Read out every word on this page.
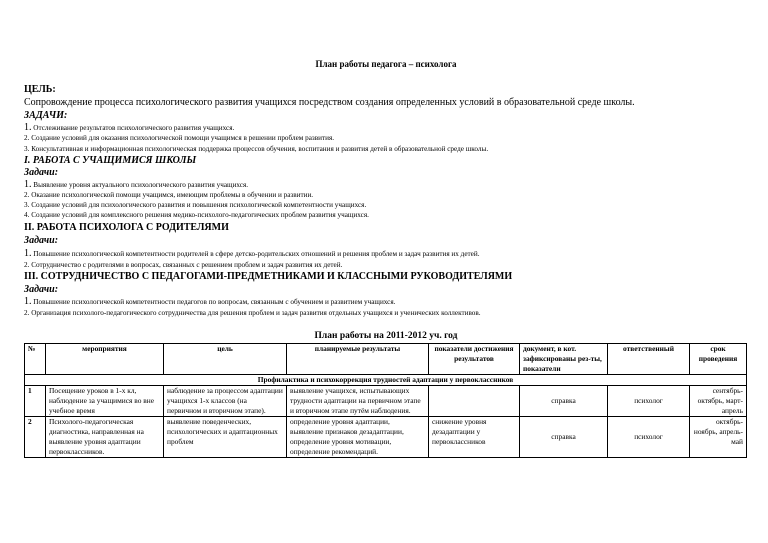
План работы педагога – психолога
ЦЕЛЬ:
Сопровождение процесса психологического развития учащихся посредством создания определенных условий в образовательной среде школы.
ЗАДАЧИ:
1. Отслеживание результатов психологического развития учащихся.
2. Создание условий для оказания психологической помощи учащимся в решении проблем развития.
3. Консультативная и информационная психологическая поддержка процессов обучения, воспитания и развития детей в образовательной среде школы.
I. РАБОТА С УЧАЩИМИСЯ ШКОЛЫ
Задачи:
1. Выявление уровня актуального психологического развития учащихся.
2. Оказание психологической помощи учащимся, имеющим проблемы в обучении и развитии.
3. Создание условий для психологического развития и повышения психологической компетентности учащихся.
4. Создание условий для комплексного решения медико-психолого-педагогических проблем развития учащихся.
II. РАБОТА ПСИХОЛОГА С РОДИТЕЛЯМИ
Задачи:
1. Повышение психологической компетентности родителей в сфере детско-родительских отношений и решения проблем и задач развития их детей.
2. Сотрудничество с родителями в вопросах, связанных с решением проблем и задач развития их детей.
III. СОТРУДНИЧЕСТВО С ПЕДАГОГАМИ-ПРЕДМЕТНИКАМИ И КЛАССНЫМИ РУКОВОДИТЕЛЯМИ
Задачи:
1. Повышение психологической компетентности педагогов по вопросам, связанным с обучением и развитием учащихся.
2. Организация психолого-педагогического сотрудничества для решения проблем и задач развития отдельных учащихся и ученических коллективов.
План работы на 2011-2012 уч. год
№	мероприятия	цель	планируемые результаты	показатели достижения результатов	документ, в кот. зафиксированы рез-ты, показатели	ответственный	срок проведения
Профилактика и психокоррекция трудностей адаптации у первоклассников							
1	Посещение уроков в 1-х кл, наблюдение за учащимися во вне учебное время	наблюдение за процессом адаптации учащихся 1-х классов (на первичном и вторичном этапе).	выявление учащихся, испытывающих трудности адаптации на первичном этапе и вторичном этапе путём наблюдения.		справка	психолог	сентябрь-октябрь, март-апрель
2	Психолого-педагогическая диагностика, направленная на выявление уровня адаптации первоклассников.	выявление поведенческих, психологических и адаптационных проблем	определение уровня адаптации, выявление признаков дезадаптации, определение уровня мотивации, определение рекомендаций.	снижение уровня дезадаптации у первоклассников	справка	психолог	октябрь-ноябрь, апрель-май
